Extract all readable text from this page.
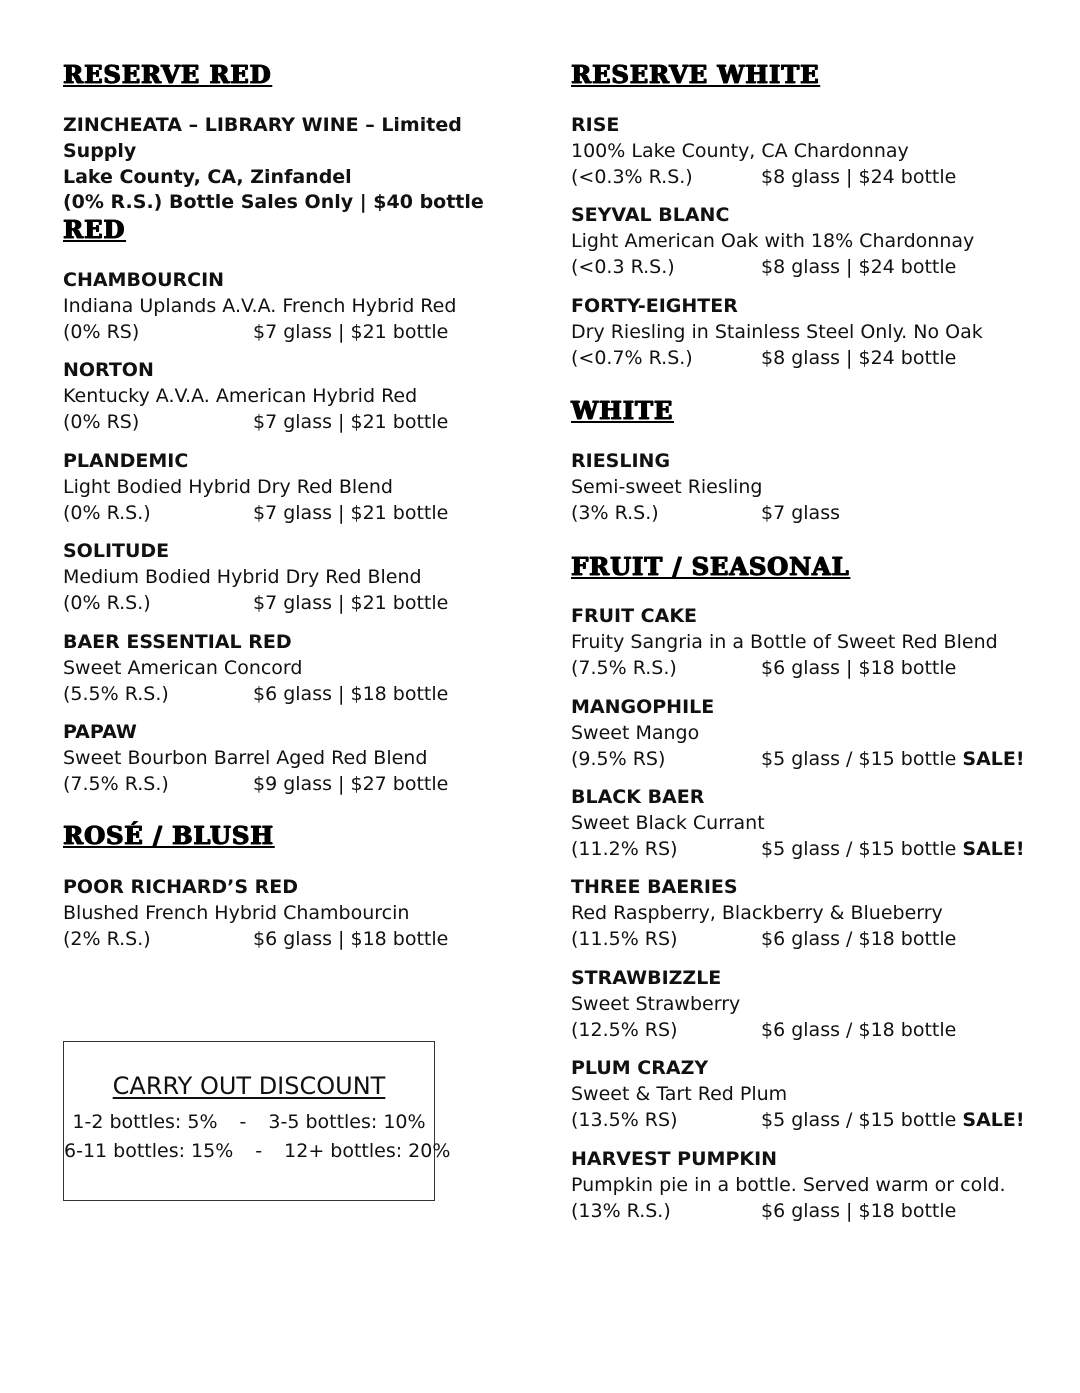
RESERVE RED
ZINCHEATA – LIBRARY WINE – Limited Supply
Lake County, CA, Zinfandel
(0% R.S.) Bottle Sales Only | $40 bottle
RED
CHAMBOURCIN
Indiana Uplands A.V.A. French Hybrid Red
(0% RS)	$7 glass | $21 bottle
NORTON
Kentucky A.V.A. American Hybrid Red
(0% RS)	$7 glass | $21 bottle
PLANDEMIC
Light Bodied Hybrid Dry Red Blend
(0% R.S.)	$7 glass | $21 bottle
SOLITUDE
Medium Bodied Hybrid Dry Red Blend
(0% R.S.)	$7 glass | $21 bottle
BAER ESSENTIAL RED
Sweet American Concord
(5.5% R.S.)	$6 glass | $18 bottle
PAPAW
Sweet Bourbon Barrel Aged Red Blend
(7.5% R.S.)	$9 glass | $27 bottle
ROSÉ / BLUSH
POOR RICHARD’S RED
Blushed French Hybrid Chambourcin
(2% R.S.)	$6 glass | $18 bottle
CARRY OUT DISCOUNT
1-2 bottles: 5% - 3-5 bottles: 10%
6-11 bottles: 15% - 12+ bottles: 20%
RESERVE WHITE
RISE
100% Lake County, CA Chardonnay
(<0.3% R.S.)	$8 glass | $24 bottle
SEYVAL BLANC
Light American Oak with 18% Chardonnay
(<0.3 R.S.)	$8 glass | $24 bottle
FORTY-EIGHTER
Dry Riesling in Stainless Steel Only. No Oak
(<0.7% R.S.)	$8 glass | $24 bottle
WHITE
RIESLING
Semi-sweet Riesling
(3% R.S.)	$7 glass
FRUIT / SEASONAL
FRUIT CAKE
Fruity Sangria in a Bottle of Sweet Red Blend
(7.5% R.S.)	$6 glass | $18 bottle
MANGOPHILE
Sweet Mango
(9.5% RS)	$5 glass / $15 bottle
SALE!
BLACK BAER
Sweet Black Currant
(11.2% RS)	$5 glass / $15 bottle
SALE!
THREE BAERIES
Red Raspberry, Blackberry & Blueberry
(11.5% RS)	$6 glass / $18 bottle
STRAWBIZZLE
Sweet Strawberry
(12.5% RS)	$6 glass / $18 bottle
PLUM CRAZY
Sweet & Tart Red Plum
(13.5% RS)	$5 glass / $15 bottle
SALE!
HARVEST PUMPKIN
Pumpkin pie in a bottle. Served warm or cold.
(13% R.S.)	$6 glass | $18 bottle
